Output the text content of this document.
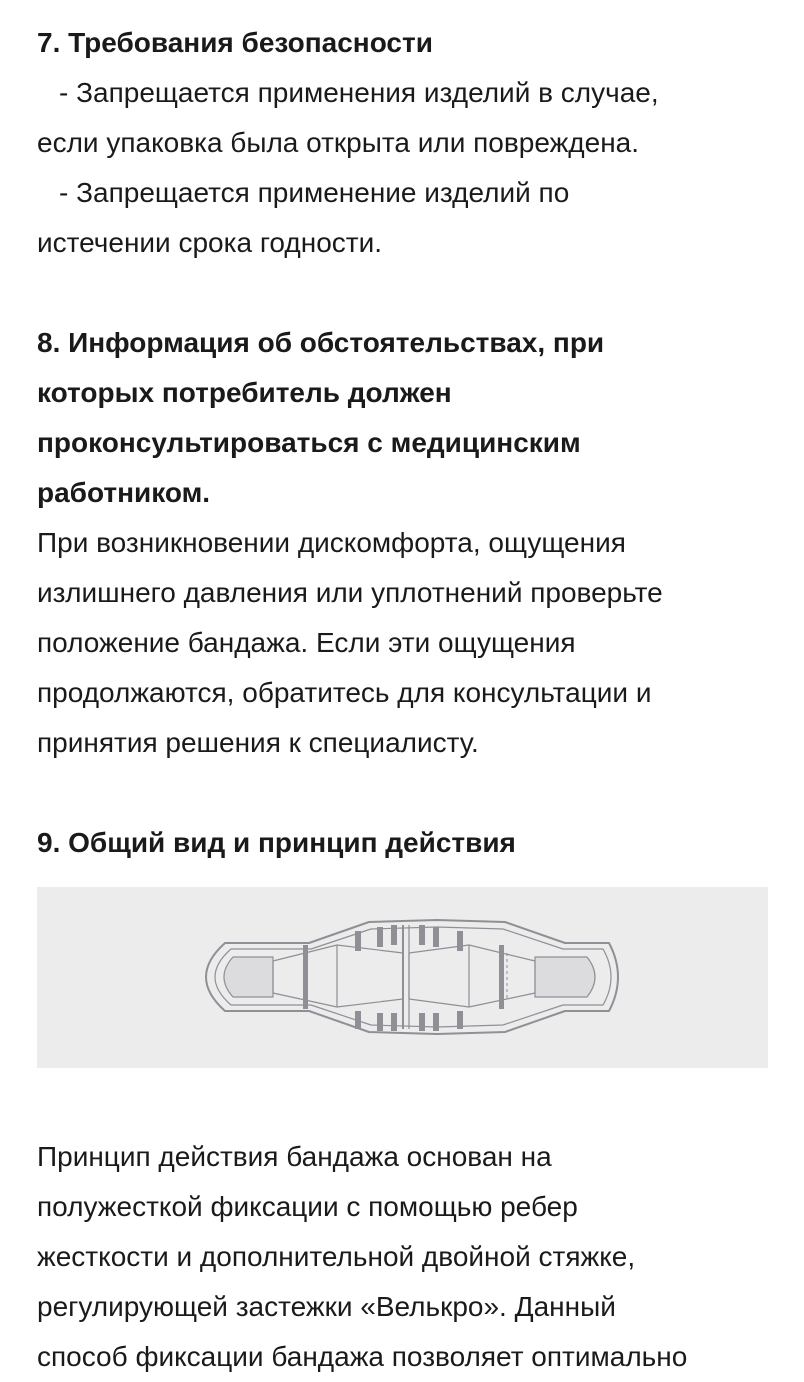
7. Требования безопасности
- Запрещается применения изделий в случае,
если упаковка была открыта или повреждена.
- Запрещается применение изделий по
истечении срока годности.
8. Информация об обстоятельствах, при
которых потребитель должен
проконсультироваться с медицинским
работником.
При возникновении дискомфорта, ощущения
излишнего давления или уплотнений проверьте
положение бандажа. Если эти ощущения
продолжаются, обратитесь для консультации и
принятия решения к специалисту.
9. Общий вид и принцип действия
Принцип действия бандажа основан на
полужесткой фиксации с помощью ребер
жесткости и дополнительной двойной стяжке,
регулирующей застежки «Велькро». Данный
способ фиксации бандажа позволяет оптимально
